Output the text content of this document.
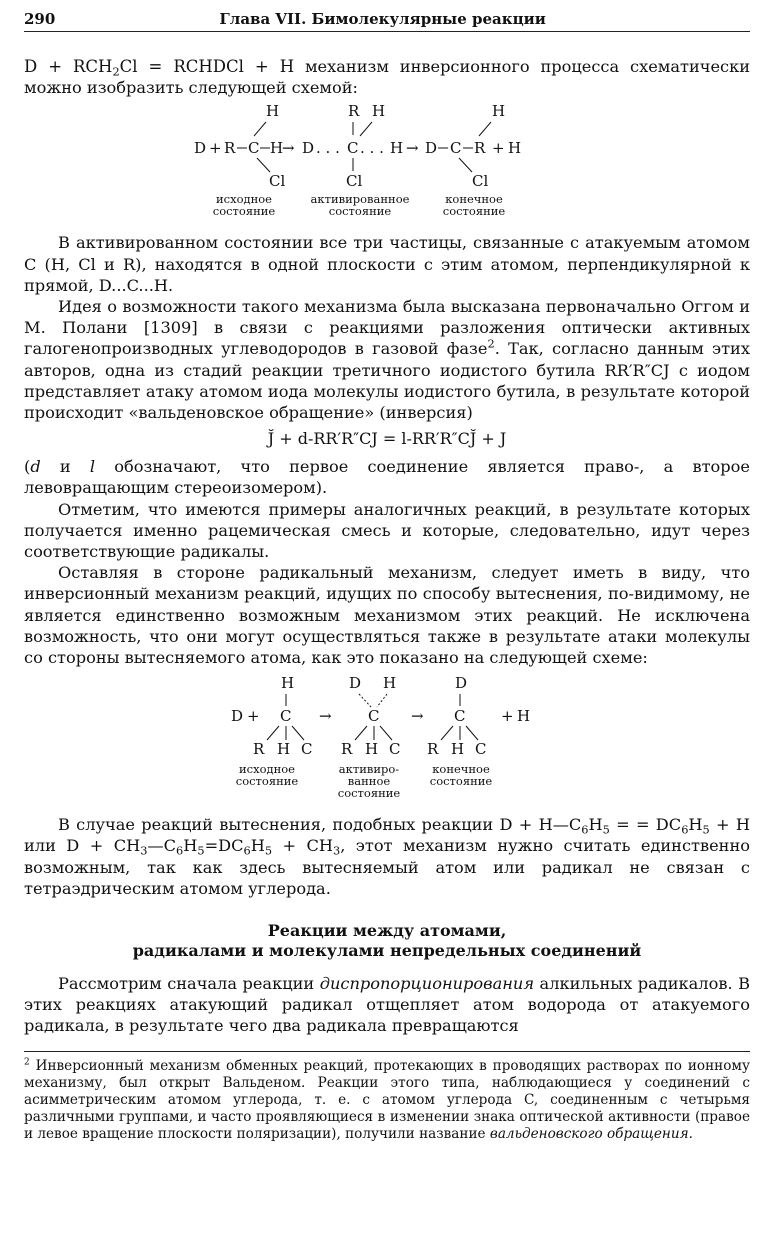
290	Глава VII. Бимолекулярные реакции

$D + RCH_2Cl$ = RCHDCl + H механизм инверсионного процесса схематически можно изобразить следующей схемой:

H
D + R C H
Cl
→ D . . .
R H
C . . . H
Cl
→ D
H
C R + H
Cl
исходное
состояние
активированное
состояние
конечное
состояние

В активированном состоянии все три частицы, связанные с атакуемым атомом C (H, Cl и R), находятся в одной плоскости с этим атомом, перпендикулярной к прямой, D...C...H.

Идея о возможности такого механизма была высказана первоначально Оггом и М. Полани [1309] в связи с реакциями разложения оптически активных галогенопроизводных углеводородов в газовой фазе$^2$. Так, согласно данным этих авторов, одна из стадий реакции третичного иодистого бутила RR′R″CJ с иодом представляет атаку атомом иода молекулы иодистого бутила, в результате которой происходит «вальденовское обращение» (инверсия)

J̆ + d-RR′R″CJ = l-RR′R″CJ̆ + J

(d и l обозначают, что первое соединение является право-, а второе левовращающим стереоизомером).

Отметим, что имеются примеры аналогичных реакций, в результате которых получается именно рацемическая смесь и которые, следовательно, идут через соответствующие радикалы.

Оставляя в стороне радикальный механизм, следует иметь в виду, что инверсионный механизм реакций, идущих по способу вытеснения, по-видимому, не является единственно возможным механизмом этих реакций. Не исключена возможность, что они могут осуществляться также в результате атаки молекулы со стороны вытесняемого атома, как это показано на следующей схеме:

H
D + C
R H C
→
D H
C
R H C
→
D
C
R H C
+ H
исходное
состояние
активиро-
ванное
состояние
конечное
состояние

В случае реакций вытеснения, подобных реакции $D + H—C_6H_5$ = = $DC_6H_5 + H$ или $D + CH_3—C_6H_5=DC_6H_5 + CH_3$, этот механизм нужно считать единственно возможным, так как здесь вытесняемый атом или радикал не связан с тетраэдрическим атомом углерода.

Реакции между атомами,
радикалами и молекулами непредельных соединений

Рассмотрим сначала реакции диспропорционирования алкильных радикалов. В этих реакциях атакующий радикал отщепляет атом водорода от атакуемого радикала, в результате чего два радикала превращаются

$^2$ Инверсионный механизм обменных реакций, протекающих в проводящих растворах по ионному механизму, был открыт Вальденом. Реакции этого типа, наблюдающиеся у соединений с асимметрическим атомом углерода, т. е. с атомом углерода C, соединенным с четырьмя различными группами, и часто проявляющиеся в изменении знака оптической активности (правое и левое вращение плоскости поляризации), получили название вальденовского обращения.
